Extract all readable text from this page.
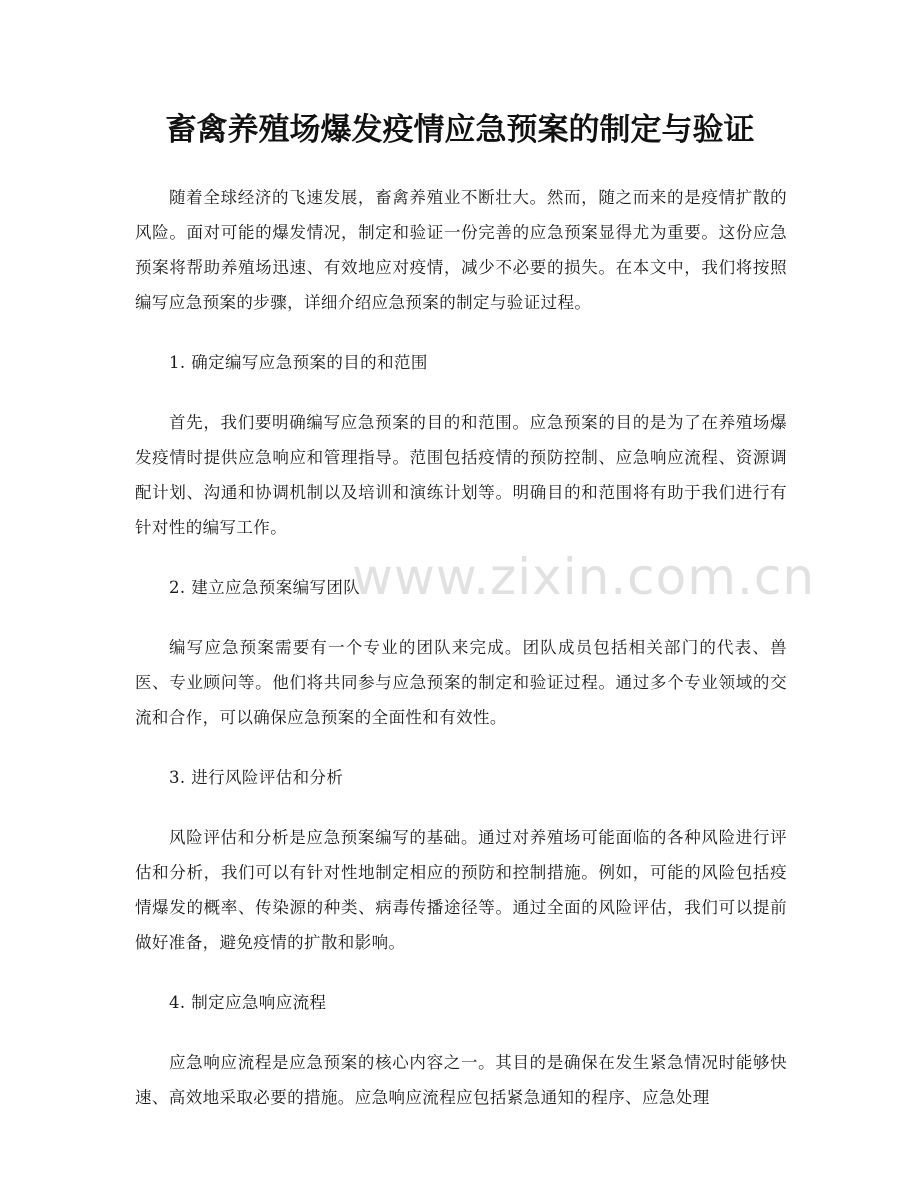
畜禽养殖场爆发疫情应急预案的制定与验证

随着全球经济的飞速发展，畜禽养殖业不断壮大。然而，随之而来的是疫情扩散的风险。面对可能的爆发情况，制定和验证一份完善的应急预案显得尤为重要。这份应急预案将帮助养殖场迅速、有效地应对疫情，减少不必要的损失。在本文中，我们将按照编写应急预案的步骤，详细介绍应急预案的制定与验证过程。

1. 确定编写应急预案的目的和范围

首先，我们要明确编写应急预案的目的和范围。应急预案的目的是为了在养殖场爆发疫情时提供应急响应和管理指导。范围包括疫情的预防控制、应急响应流程、资源调配计划、沟通和协调机制以及培训和演练计划等。明确目的和范围将有助于我们进行有针对性的编写工作。

2. 建立应急预案编写团队

编写应急预案需要有一个专业的团队来完成。团队成员包括相关部门的代表、兽医、专业顾问等。他们将共同参与应急预案的制定和验证过程。通过多个专业领域的交流和合作，可以确保应急预案的全面性和有效性。

3. 进行风险评估和分析

风险评估和分析是应急预案编写的基础。通过对养殖场可能面临的各种风险进行评估和分析，我们可以有针对性地制定相应的预防和控制措施。例如，可能的风险包括疫情爆发的概率、传染源的种类、病毒传播途径等。通过全面的风险评估，我们可以提前做好准备，避免疫情的扩散和影响。

4. 制定应急响应流程

应急响应流程是应急预案的核心内容之一。其目的是确保在发生紧急情况时能够快速、高效地采取必要的措施。应急响应流程应包括紧急通知的程序、应急处理

www.zixin.com.cn
